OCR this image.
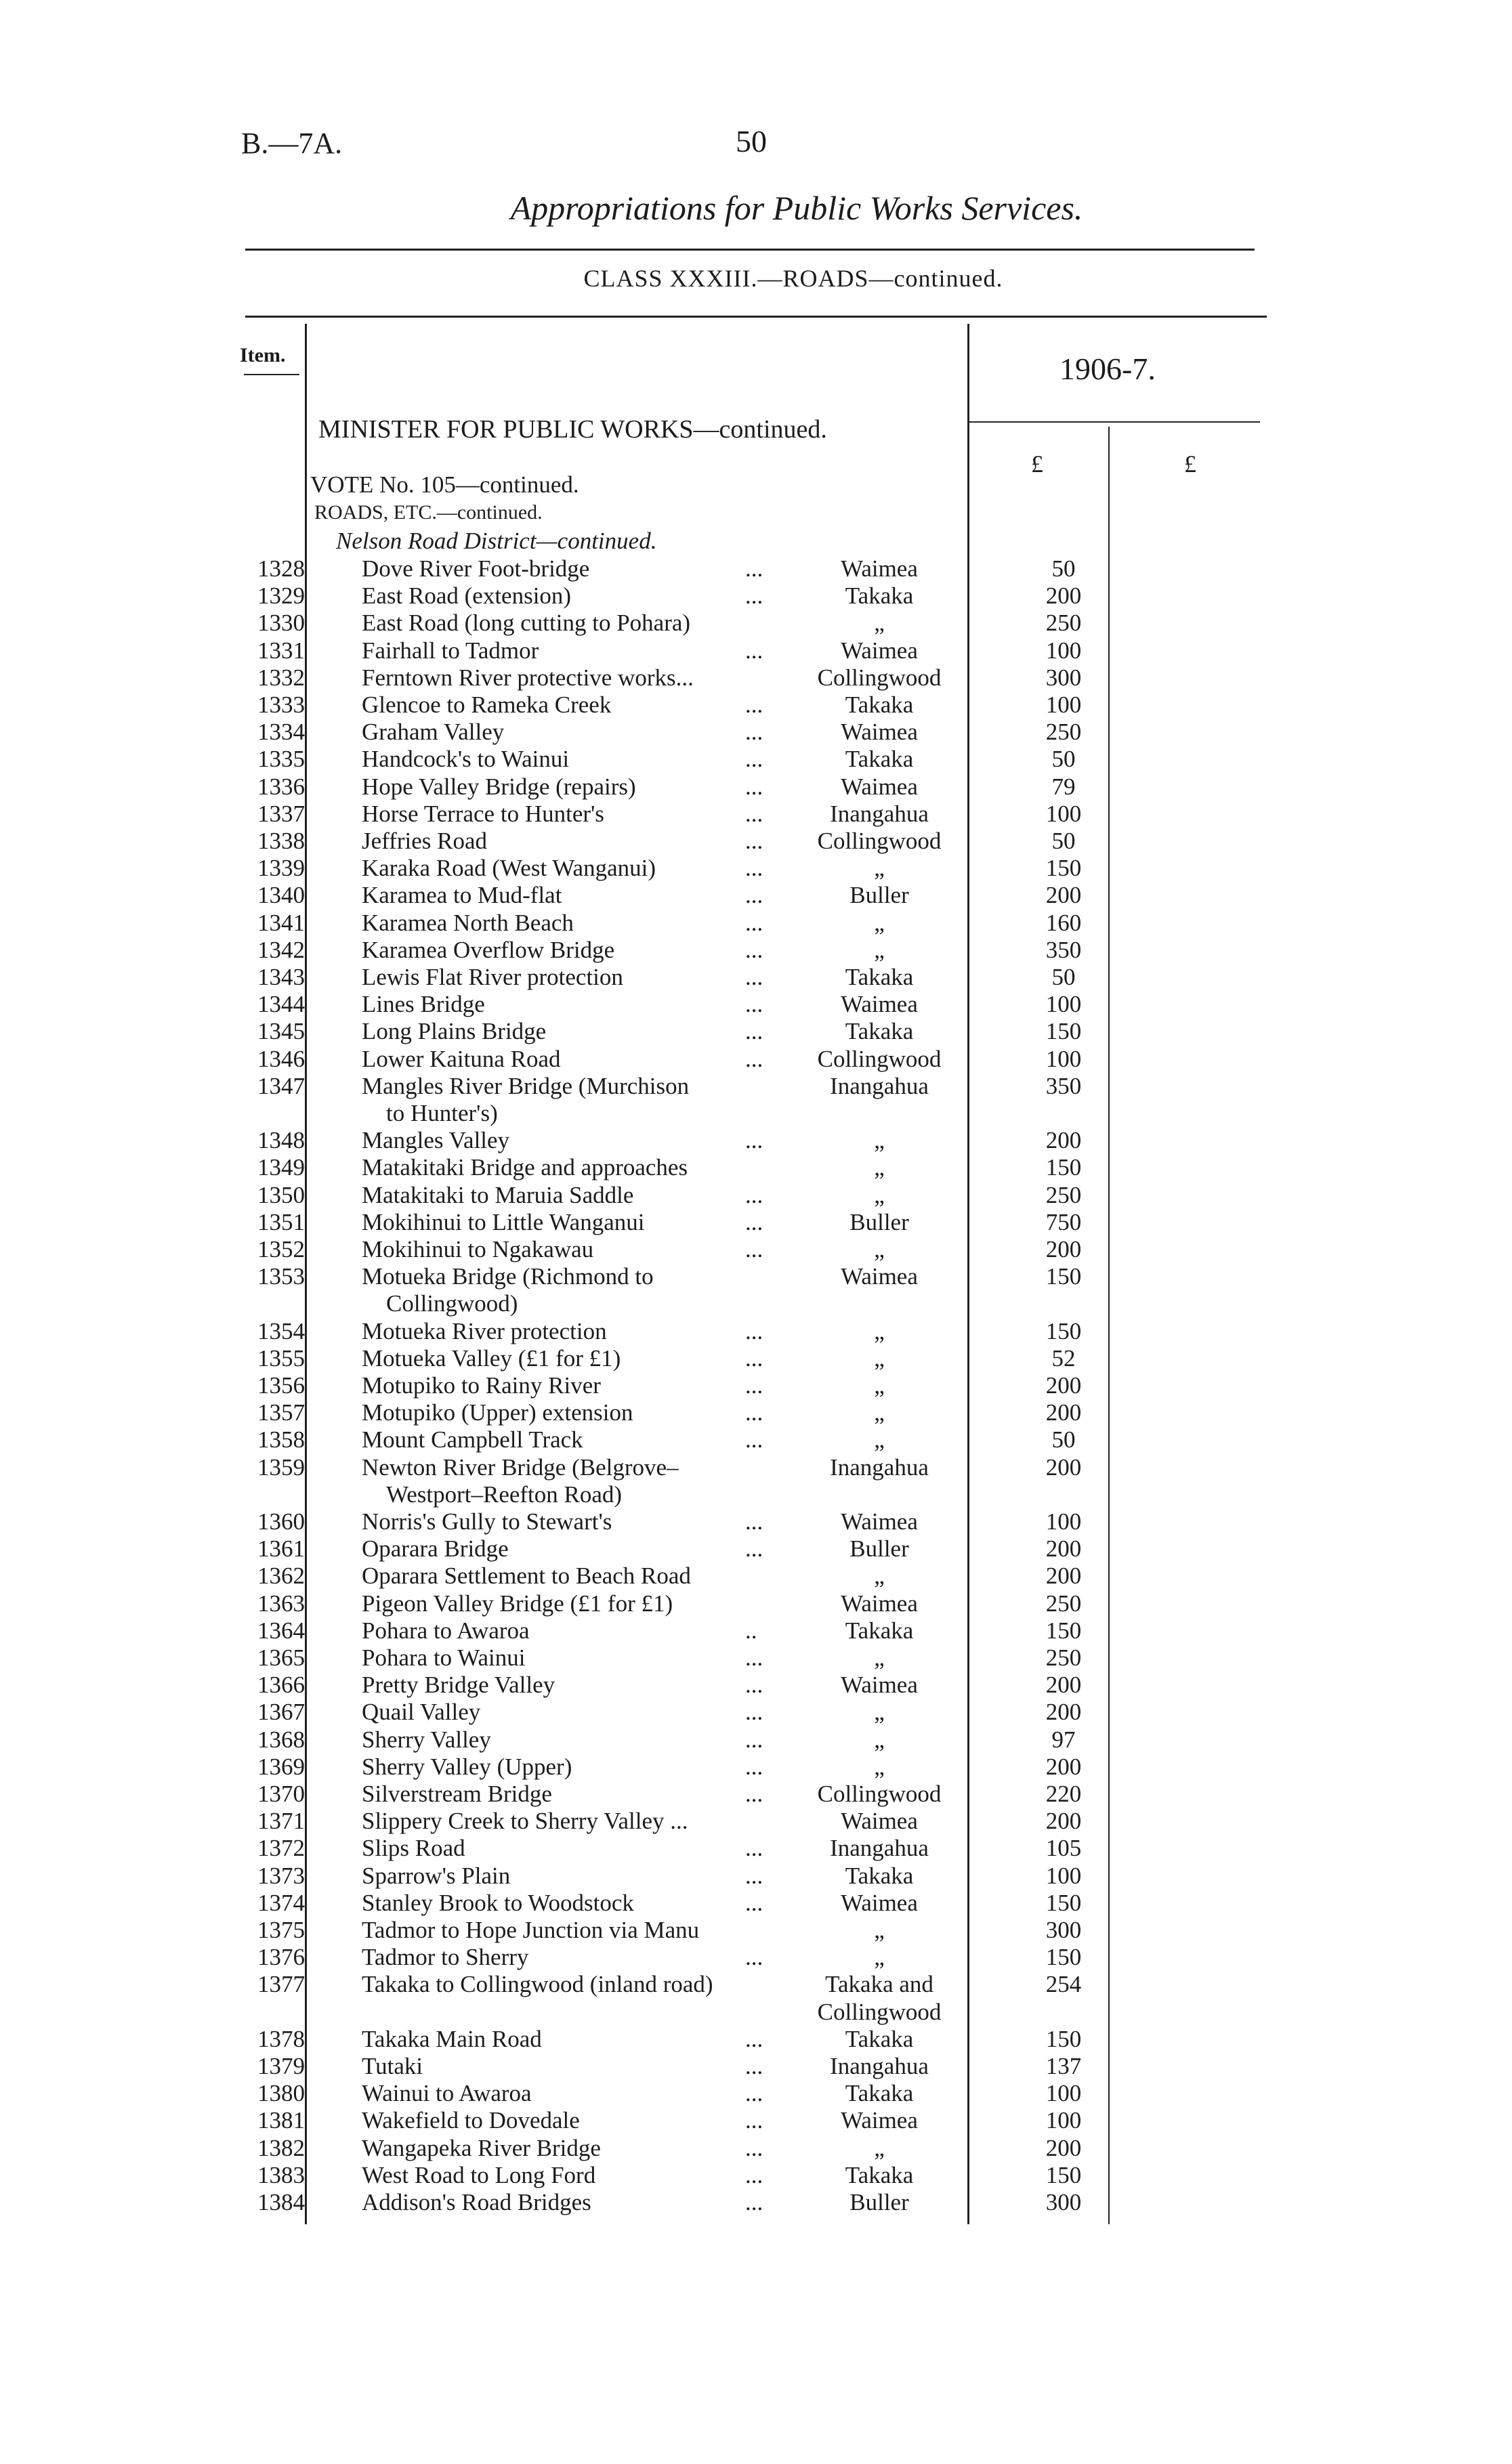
B.—7A.	50
Appropriations for Public Works Services.
CLASS XXXIII.—ROADS—continued.
Item.	1906-7.
MINISTER FOR PUBLIC WORKS—continued.
£	£
VOTE No. 105—continued.
ROADS, ETC.—continued.
Nelson Road District—continued.
1328 Dove River Foot-bridge	...	Waimea	50
1329 East Road (extension)	...	Takaka	200
1330 East Road (long cutting to Pohara)	„	250
1331 Fairhall to Tadmor	...	Waimea	100
1332 Ferntown River protective works...	Collingwood	300
1333 Glencoe to Rameka Creek	...	Takaka	100
1334 Graham Valley	...	Waimea	250
1335 Handcock's to Wainui	...	Takaka	50
1336 Hope Valley Bridge (repairs)	...	Waimea	79
1337 Horse Terrace to Hunter's	...	Inangahua	100
1338 Jeffries Road	...	Collingwood	50
1339 Karaka Road (West Wanganui)	...	„	150
1340 Karamea to Mud-flat	...	Buller	200
1341 Karamea North Beach	...	„	160
1342 Karamea Overflow Bridge	...	„	350
1343 Lewis Flat River protection	...	Takaka	50
1344 Lines Bridge	...	Waimea	100
1345 Long Plains Bridge	...	Takaka	150
1346 Lower Kaituna Road	...	Collingwood	100
1347 Mangles River Bridge (Murchison	Inangahua	350
to Hunter's)
1348 Mangles Valley	...	„	200
1349 Matakitaki Bridge and approaches	„	150
1350 Matakitaki to Maruia Saddle	...	„	250
1351 Mokihinui to Little Wanganui	...	Buller	750
1352 Mokihinui to Ngakawau	...	„	200
1353 Motueka Bridge (Richmond to	Waimea	150
Collingwood)
1354 Motueka River protection	...	„	150
1355 Motueka Valley (£1 for £1)	...	„	52
1356 Motupiko to Rainy River	...	„	200
1357 Motupiko (Upper) extension	...	„	200
1358 Mount Campbell Track	...	„	50
1359 Newton River Bridge (Belgrove–	Inangahua	200
Westport–Reefton Road)
1360 Norris's Gully to Stewart's	...	Waimea	100
1361 Oparara Bridge	...	Buller	200
1362 Oparara Settlement to Beach Road	„	200
1363 Pigeon Valley Bridge (£1 for £1)	Waimea	250
1364 Pohara to Awaroa	..	Takaka	150
1365 Pohara to Wainui	...	„	250
1366 Pretty Bridge Valley	...	Waimea	200
1367 Quail Valley	...	„	200
1368 Sherry Valley	...	„	97
1369 Sherry Valley (Upper)	...	„	200
1370 Silverstream Bridge	...	Collingwood	220
1371 Slippery Creek to Sherry Valley ...	Waimea	200
1372 Slips Road	...	Inangahua	105
1373 Sparrow's Plain	...	Takaka	100
1374 Stanley Brook to Woodstock	...	Waimea	150
1375 Tadmor to Hope Junction via Manu	„	300
1376 Tadmor to Sherry	...	„	150
1377 Takaka to Collingwood (inland road)	Takaka and	254
Collingwood
1378 Takaka Main Road	...	Takaka	150
1379 Tutaki	...	Inangahua	137
1380 Wainui to Awaroa	...	Takaka	100
1381 Wakefield to Dovedale	...	Waimea	100
1382 Wangapeka River Bridge	...	„	200
1383 West Road to Long Ford	...	Takaka	150
1384 Addison's Road Bridges	...	Buller	300
